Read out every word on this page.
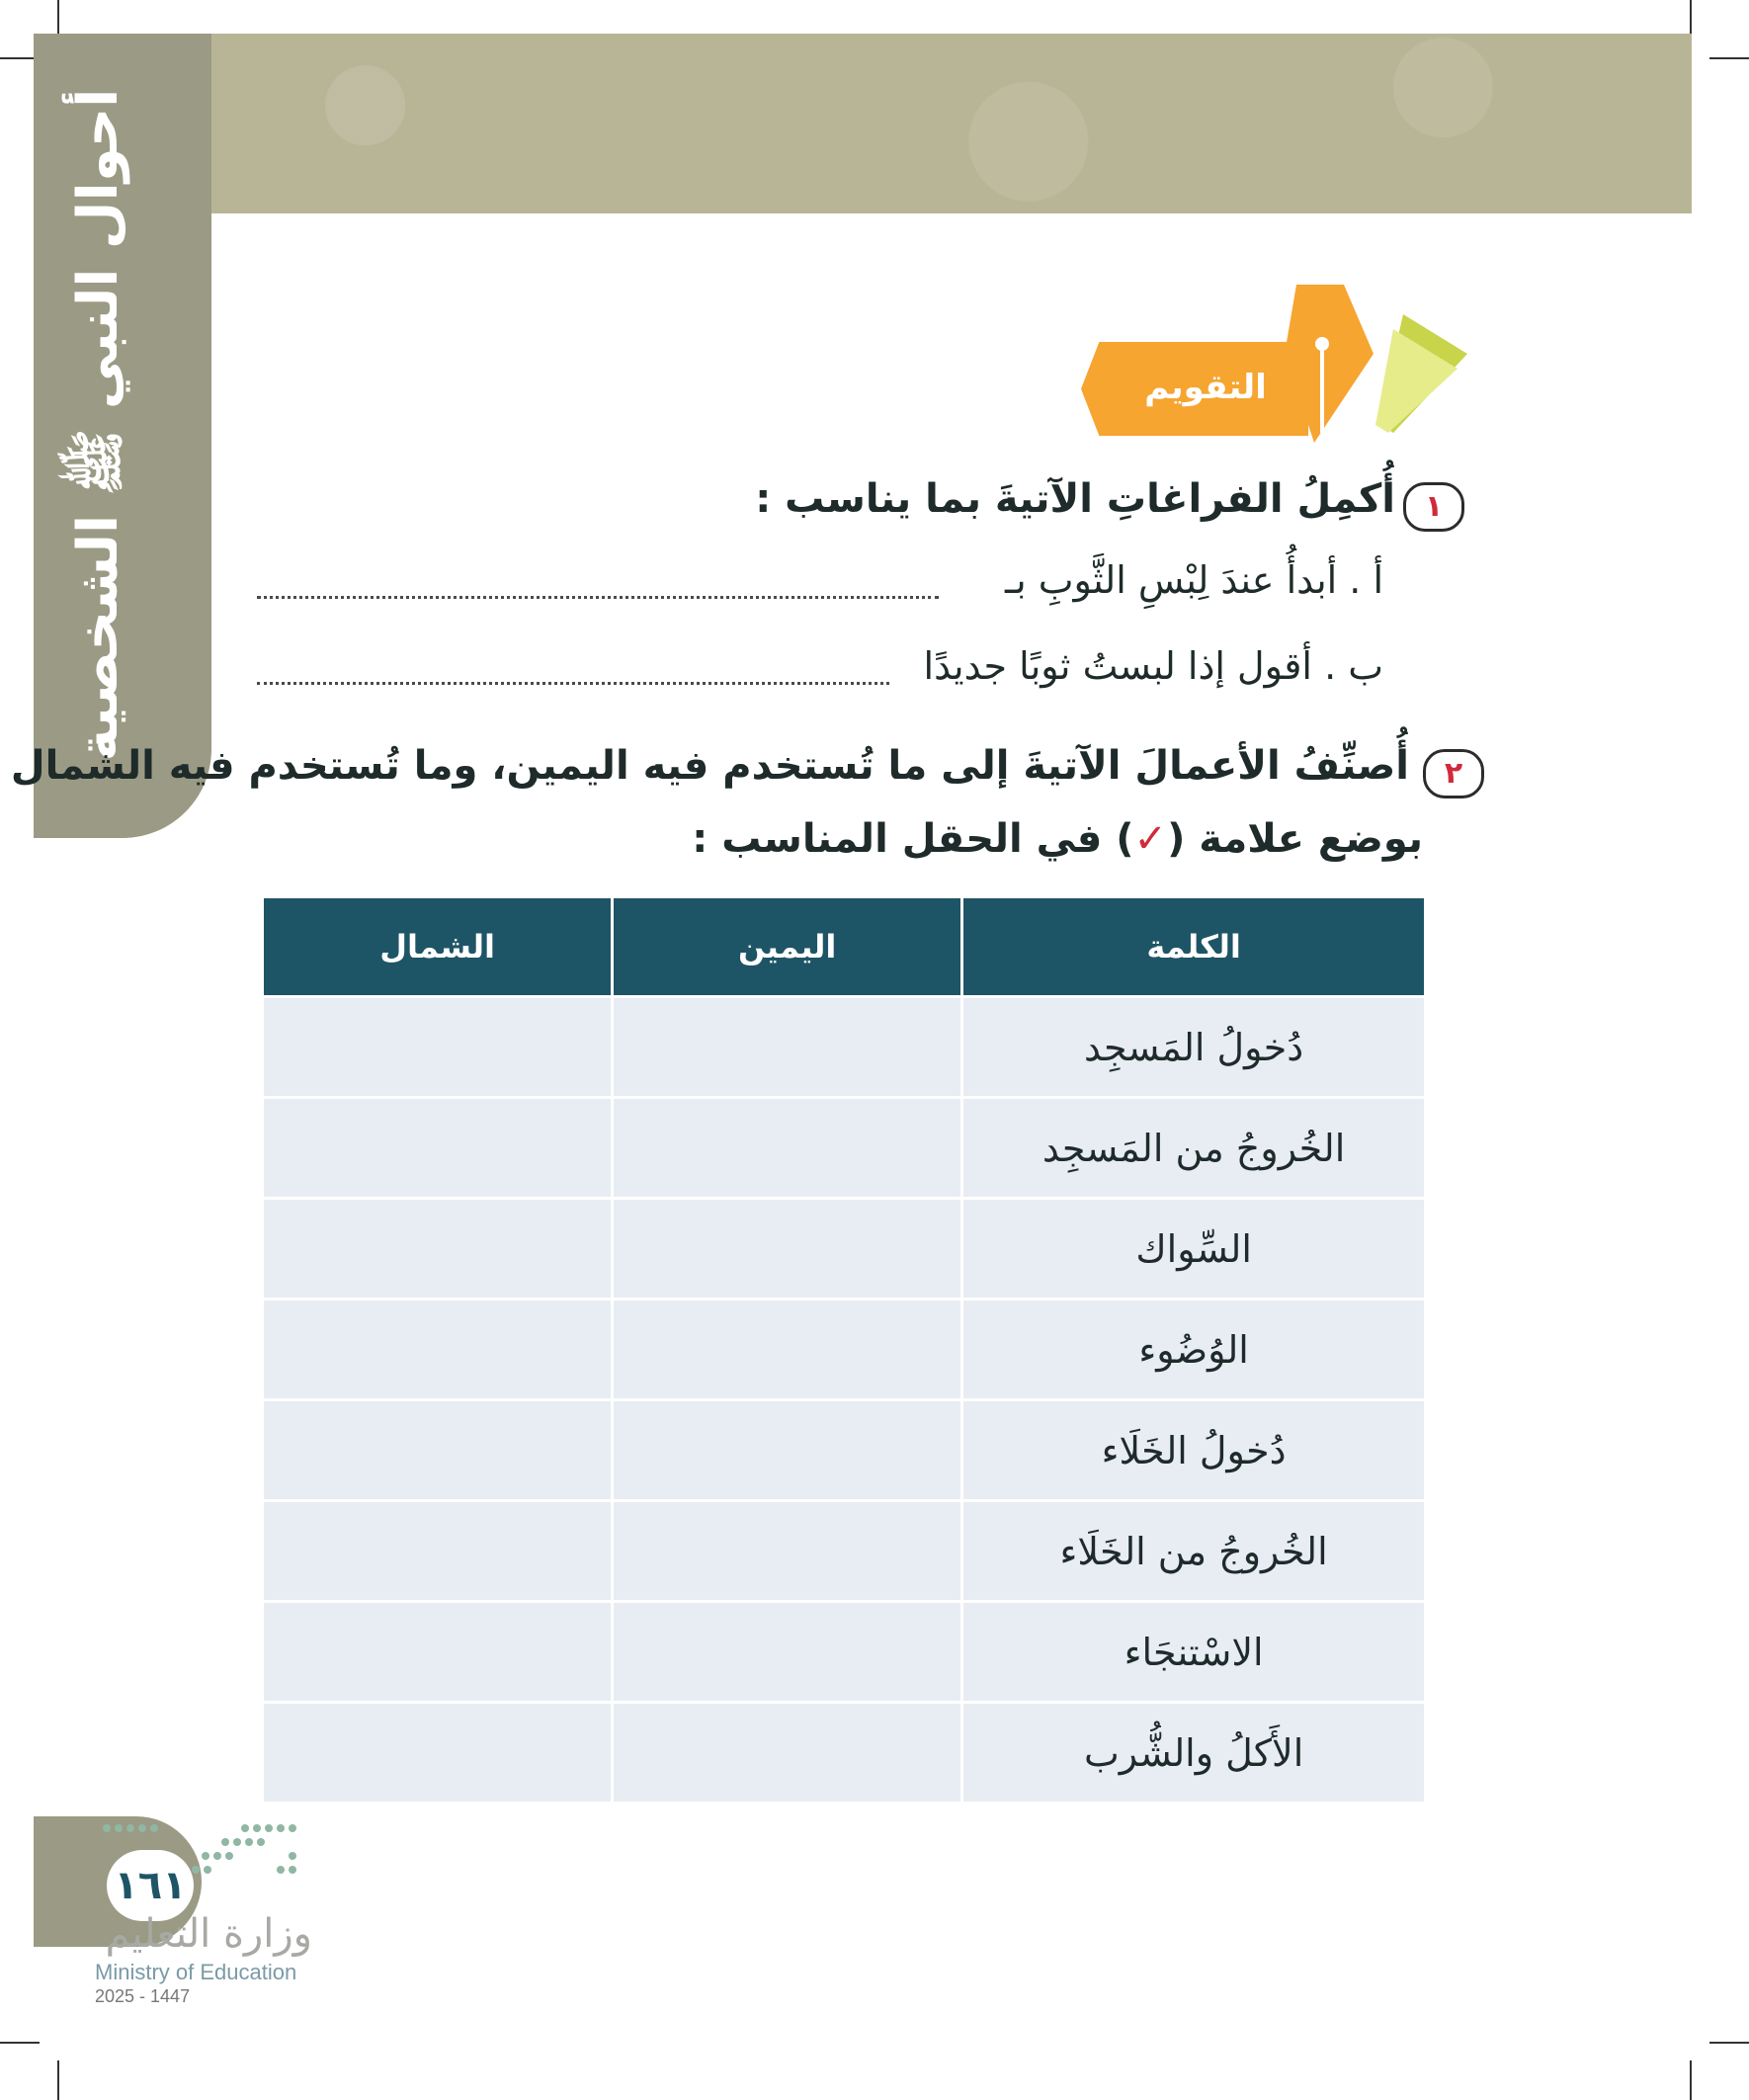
أحوال النبي ﷺ الشخصية	التقويم
١
أُكمِلُ الفراغاتِ الآتيةَ بما يناسب :
أ . أبدأُ عندَ لِبْسِ الثَّوبِ بـ
ب . أقول إذا لبستُ ثوبًا جديدًا
٢
أُصنِّفُ الأعمالَ الآتيةَ إلى ما تُستخدم فيه اليمين، وما تُستخدم فيه الشمال
بوضع علامة (✓) في الحقل المناسب :
الكلمة	اليمين	الشمال
دُخولُ المَسجِد		
الخُروجُ من المَسجِد		
السِّواك		
الوُضُوء		
دُخولُ الخَلَاء		
الخُروجُ من الخَلَاء		
الاسْتنجَاء		
الأَكلُ والشُّرب		
١٦١
وزارة التعليم
Ministry of Education
2025 - 1447
